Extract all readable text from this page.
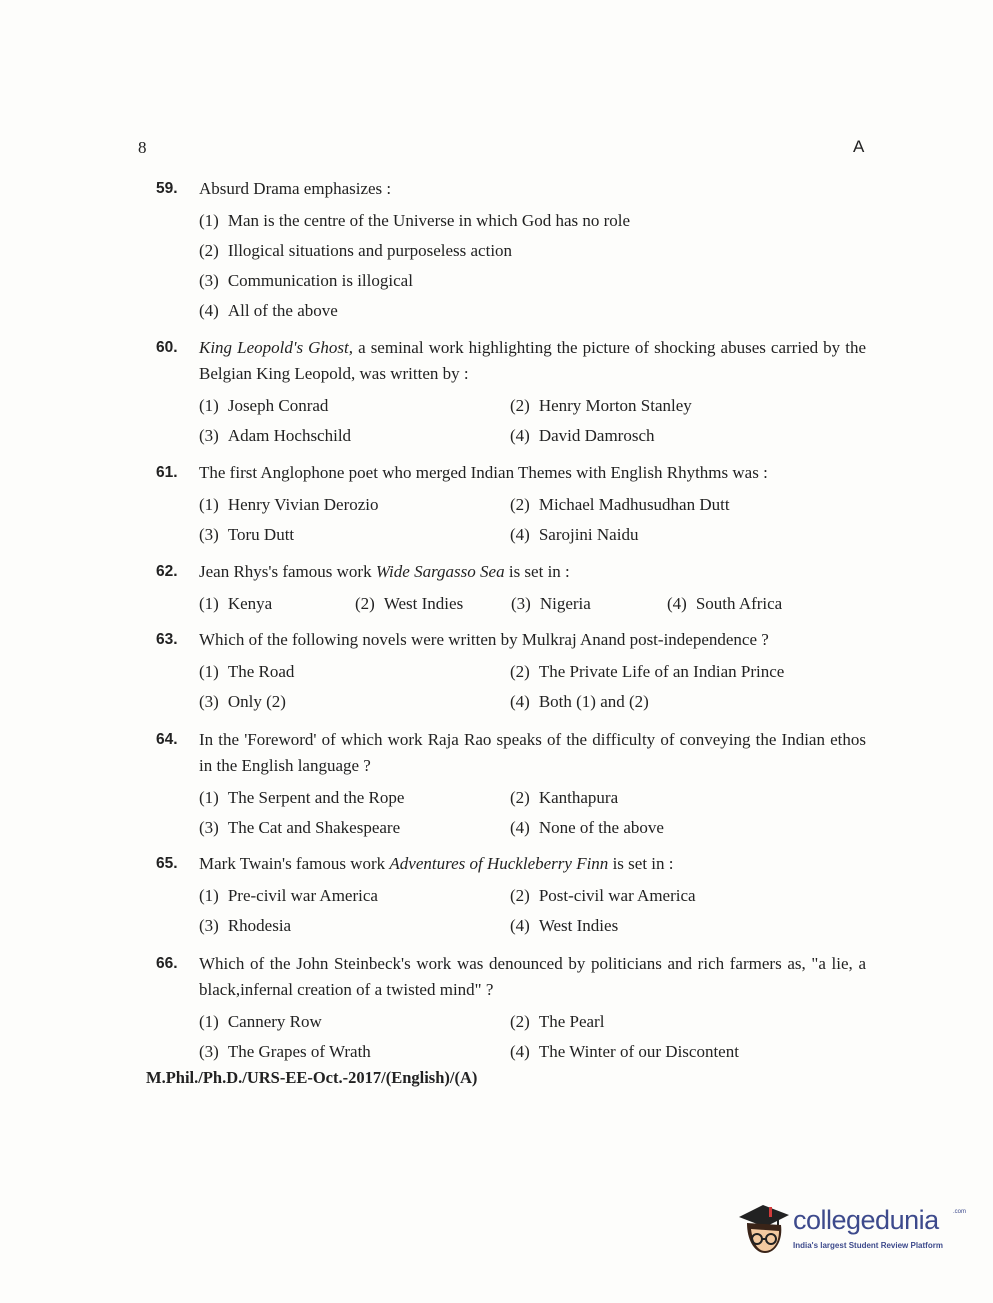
8	A
59. Absurd Drama emphasizes :
(1) Man is the centre of the Universe in which God has no role
(2) Illogical situations and purposeless action
(3) Communication is illogical
(4) All of the above
60. King Leopold's Ghost, a seminal work highlighting the picture of shocking abuses carried by the Belgian King Leopold, was written by :
(1) Joseph Conrad	(2) Henry Morton Stanley
(3) Adam Hochschild	(4) David Damrosch
61. The first Anglophone poet who merged Indian Themes with English Rhythms was :
(1) Henry Vivian Derozio	(2) Michael Madhusudhan Dutt
(3) Toru Dutt	(4) Sarojini Naidu
62. Jean Rhys's famous work Wide Sargasso Sea is set in :
(1) Kenya	(2) West Indies	(3) Nigeria	(4) South Africa
63. Which of the following novels were written by Mulkraj Anand post-independence ?
(1) The Road	(2) The Private Life of an Indian Prince
(3) Only (2)	(4) Both (1) and (2)
64. In the 'Foreword' of which work Raja Rao speaks of the difficulty of conveying the Indian ethos in the English language ?
(1) The Serpent and the Rope	(2) Kanthapura
(3) The Cat and Shakespeare	(4) None of the above
65. Mark Twain's famous work Adventures of Huckleberry Finn is set in :
(1) Pre-civil war America	(2) Post-civil war America
(3) Rhodesia	(4) West Indies
66. Which of the John Steinbeck's work was denounced by politicians and rich farmers as, "a lie, a black,infernal creation of a twisted mind" ?
(1) Cannery Row	(2) The Pearl
(3) The Grapes of Wrath	(4) The Winter of our Discontent
M.Phil./Ph.D./URS-EE-Oct.-2017/(English)/(A)
collegedunia .com
India's largest Student Review Platform
